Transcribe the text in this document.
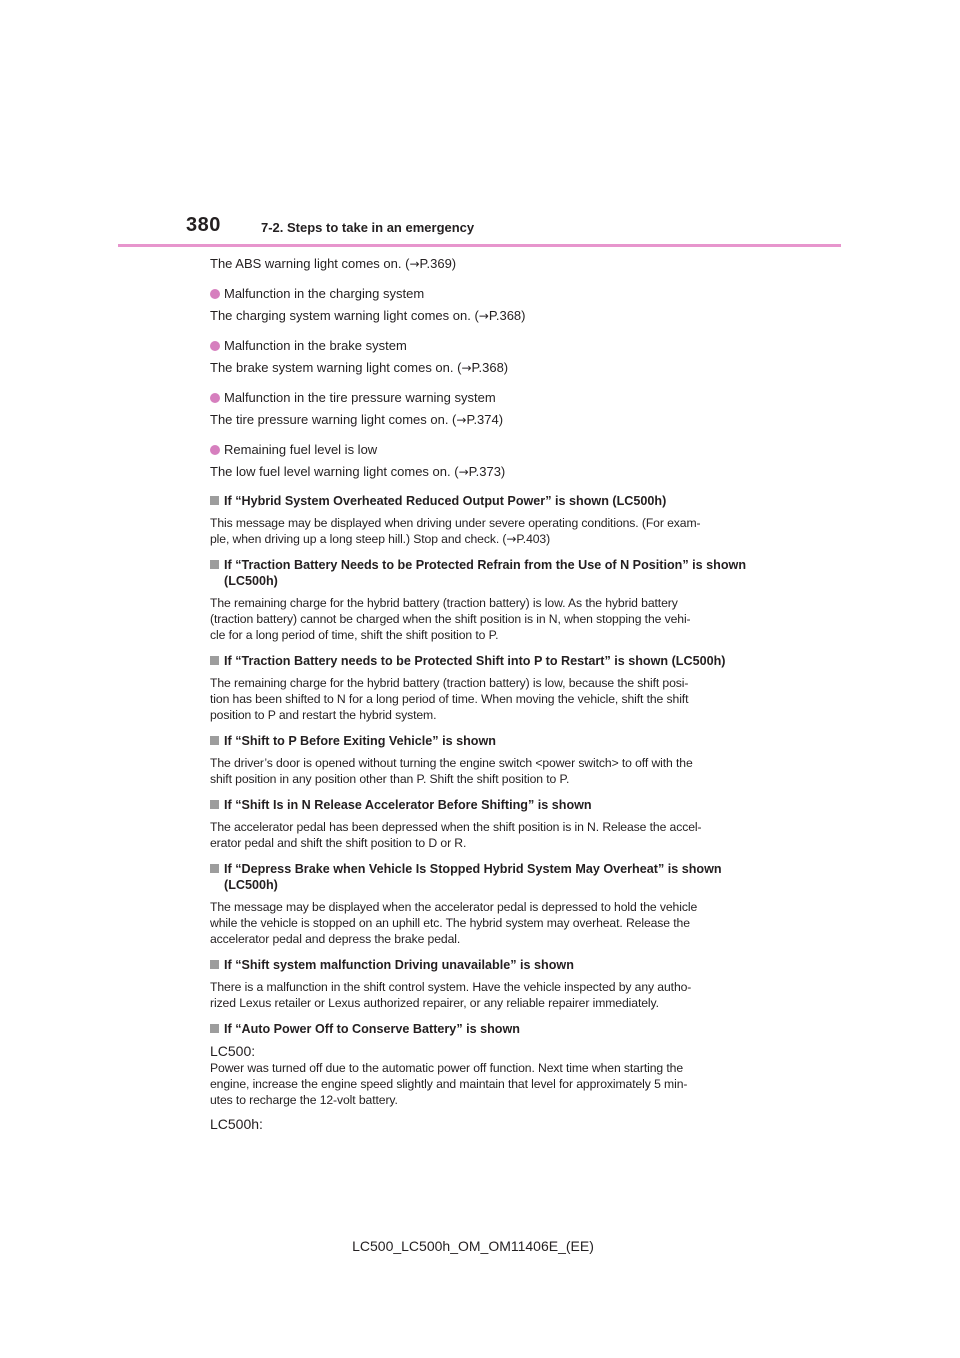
380	7-2. Steps to take in an emergency
The ABS warning light comes on. (→P.369)
Malfunction in the charging system
The charging system warning light comes on. (→P.368)
Malfunction in the brake system
The brake system warning light comes on. (→P.368)
Malfunction in the tire pressure warning system
The tire pressure warning light comes on. (→P.374)
Remaining fuel level is low
The low fuel level warning light comes on. (→P.373)
If “Hybrid System Overheated Reduced Output Power” is shown (LC500h)
This message may be displayed when driving under severe operating conditions. (For exam-
ple, when driving up a long steep hill.) Stop and check. (→P.403)
If “Traction Battery Needs to be Protected Refrain from the Use of N Position” is shown
(LC500h)
The remaining charge for the hybrid battery (traction battery) is low. As the hybrid battery
(traction battery) cannot be charged when the shift position is in N, when stopping the vehi-
cle for a long period of time, shift the shift position to P.
If “Traction Battery needs to be Protected Shift into P to Restart” is shown (LC500h)
The remaining charge for the hybrid battery (traction battery) is low, because the shift posi-
tion has been shifted to N for a long period of time. When moving the vehicle, shift the shift
position to P and restart the hybrid system.
If “Shift to P Before Exiting Vehicle” is shown
The driver’s door is opened without turning the engine switch <power switch> to off with the
shift position in any position other than P. Shift the shift position to P.
If “Shift Is in N Release Accelerator Before Shifting” is shown
The accelerator pedal has been depressed when the shift position is in N. Release the accel-
erator pedal and shift the shift position to D or R.
If “Depress Brake when Vehicle Is Stopped Hybrid System May Overheat” is shown
(LC500h)
The message may be displayed when the accelerator pedal is depressed to hold the vehicle
while the vehicle is stopped on an uphill etc. The hybrid system may overheat. Release the
accelerator pedal and depress the brake pedal.
If “Shift system malfunction Driving unavailable” is shown
There is a malfunction in the shift control system. Have the vehicle inspected by any autho-
rized Lexus retailer or Lexus authorized repairer, or any reliable repairer immediately.
If “Auto Power Off to Conserve Battery” is shown
LC500:
Power was turned off due to the automatic power off function. Next time when starting the
engine, increase the engine speed slightly and maintain that level for approximately 5 min-
utes to recharge the 12-volt battery.
LC500h:
LC500_LC500h_OM_OM11406E_(EE)
